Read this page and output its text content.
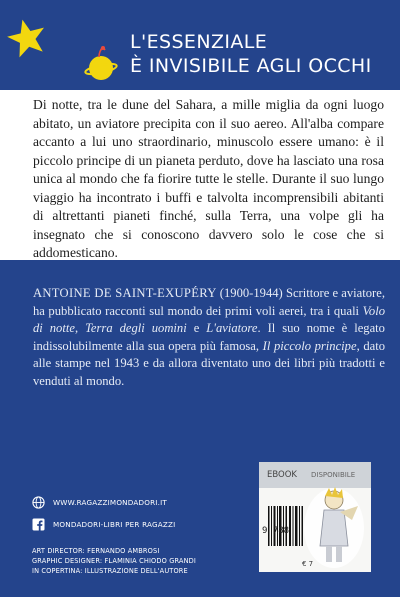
L'ESSENZIALE
È INVISIBILE AGLI OCCHI

Di notte, tra le dune del Sahara, a mille miglia da ogni luogo abitato, un aviatore precipita con il suo aereo. All'alba compare accanto a lui uno straordinario, minuscolo essere umano: è il piccolo principe di un pianeta perduto, dove ha lasciato una rosa unica al mondo che fa fiorire tutte le stelle. Durante il suo lungo viaggio ha incontrato i buffi e talvolta incomprensibili abitanti di altrettanti pianeti finché, sulla Terra, una volpe gli ha insegnato che si conoscono davvero solo le cose che si addomesticano.

ANTOINE DE SAINT-EXUPÉRY (1900-1944) Scrittore e aviatore, ha pubblicato racconti sul mondo dei primi voli aerei, tra i quali Volo di notte, Terra degli uomini e L'aviatore. Il suo nome è legato indissolubilmente alla sua opera più famosa, Il piccolo principe, dato alle stampe nel 1943 e da allora diventato uno dei libri più tradotti e venduti al mondo.
WWW.RAGAZZIMONDADORI.IT
MONDADORI-LIBRI PER RAGAZZI
ART DIRECTOR: FERNANDO AMBROSI
GRAPHIC DESIGNER: FLAMINIA CHIODO GRANDI
IN COPERTINA: ILLUSTRAZIONE DELL'AUTORE
EBOOK DISPONIBILE
9 788
€ 7
